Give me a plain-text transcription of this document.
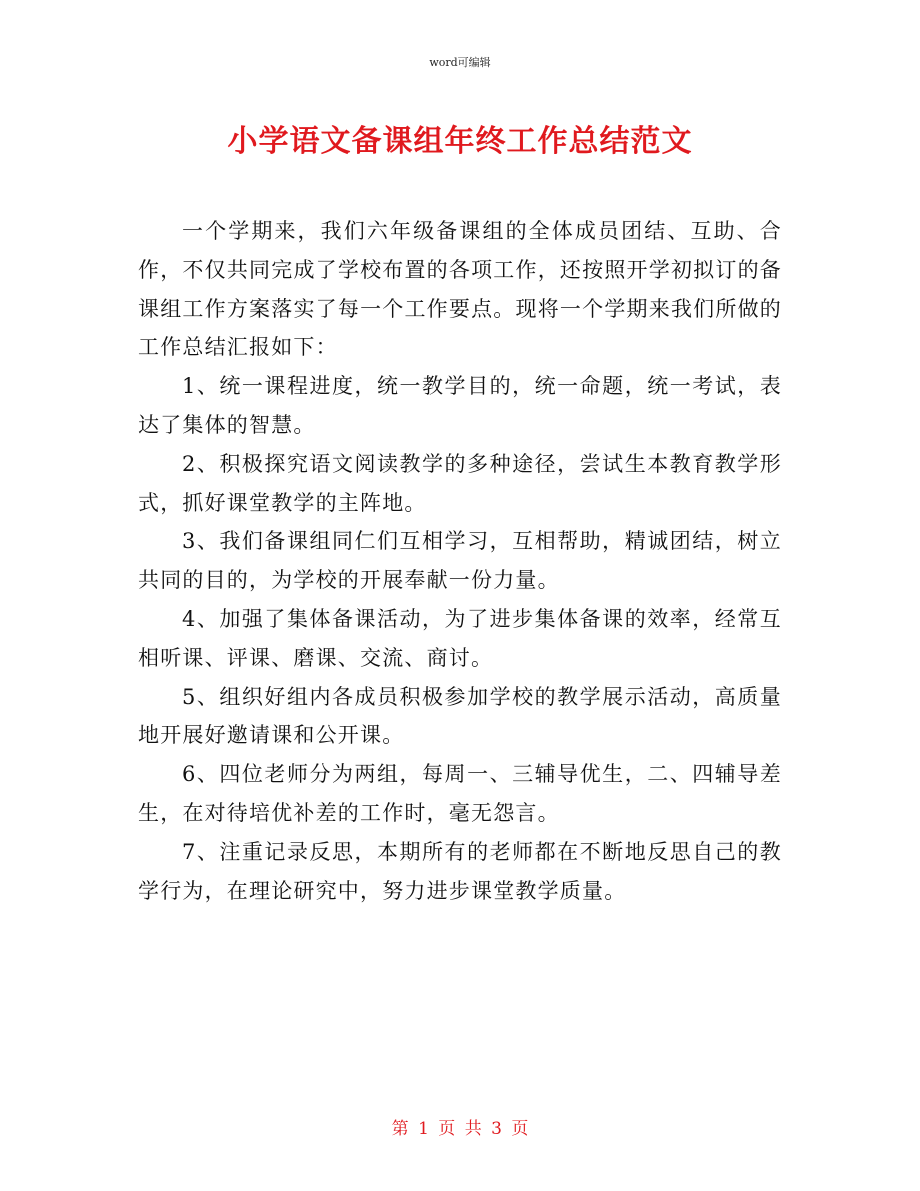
word可编辑
小学语文备课组年终工作总结范文

一个学期来，我们六年级备课组的全体成员团结、互助、合作，不仅共同完成了学校布置的各项工作，还按照开学初拟订的备课组工作方案落实了每一个工作要点。现将一个学期来我们所做的工作总结汇报如下：

1、统一课程进度，统一教学目的，统一命题，统一考试，表达了集体的智慧。

2、积极探究语文阅读教学的多种途径，尝试生本教育教学形式，抓好课堂教学的主阵地。

3、我们备课组同仁们互相学习，互相帮助，精诚团结，树立共同的目的，为学校的开展奉献一份力量。

4、加强了集体备课活动，为了进步集体备课的效率，经常互相听课、评课、磨课、交流、商讨。

5、组织好组内各成员积极参加学校的教学展示活动，高质量地开展好邀请课和公开课。

6、四位老师分为两组，每周一、三辅导优生，二、四辅导差生，在对待培优补差的工作时，毫无怨言。

7、注重记录反思，本期所有的老师都在不断地反思自己的教学行为，在理论研究中，努力进步课堂教学质量。

第 1 页 共 3 页
